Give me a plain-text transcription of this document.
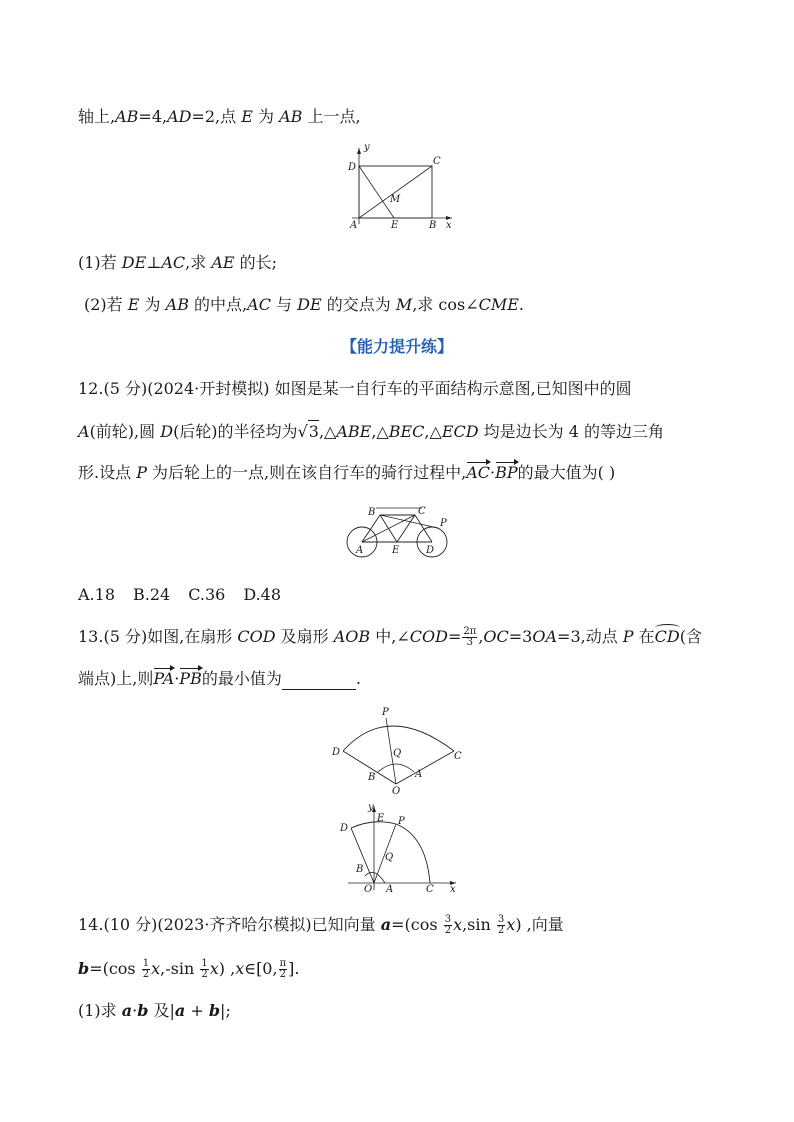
轴上,AB=4,AD=2,点 E 为 AB 上一点,
y
D
C
M
A	E	B x
(1)若 DE⊥AC,求 AE 的长;
(2)若 E 为 AB 的中点,AC 与 DE 的交点为 M,求 cos∠CME.
【能力提升练】
12.(5 分)(2024·开封模拟) 如图是某一自行车的平面结构示意图,已知图中的圆
A(前轮),圆 D(后轮)的半径均为√3,△ABE,△BEC,△ECD 均是边长为 4 的等边三角
形.设点 P 为后轮上的一点,则在该自行车的骑行过程中,AC·BP的最大值为( )
B	C
P
A	E	D
A.18 B.24 C.36 D.48
13.(5 分)如图,在扇形 COD 及扇形 AOB 中,∠COD= $\frac{2\pi}{3} ,OC=3OA=3$,动点 P 在CD(含
端点)上,则PA·PB的最小值为	.
P
D	Q	C
B	A
O
y
E
D
P
Q
B
O A	C x
14.(10 分)(2023·齐齐哈尔模拟)已知向量 $a=(\cos \frac{3}{2} x,\sin \frac{3}{2} x)$ ,向量
$b=(\cos \frac{1}{2} x,-\sin \frac{1}{2} x)$ ,x∈[0, $\frac{\pi}{2}$ ].
(1)求 a·b 及|a + b|;
